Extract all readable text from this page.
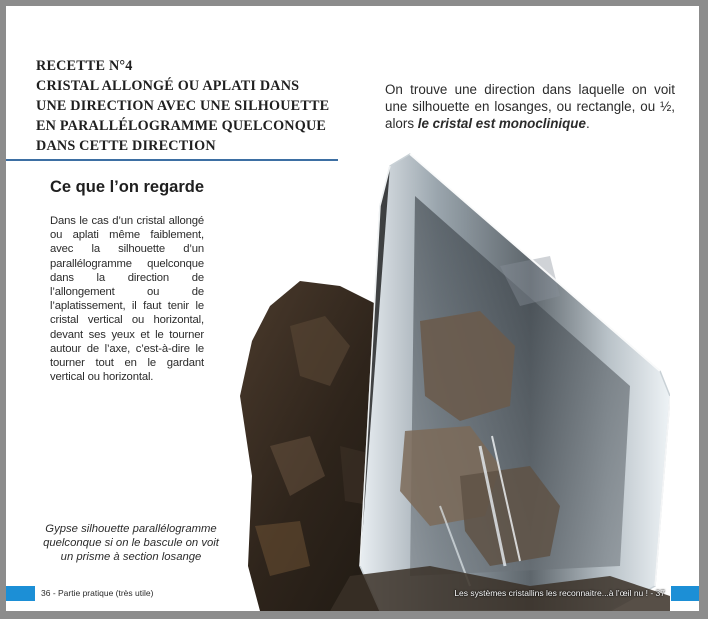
RECETTE N°4
CRISTAL ALLONGÉ OU APLATI DANS
UNE DIRECTION AVEC UNE SILHOUETTE
EN PARALLÉLOGRAMME QUELCONQUE
DANS CETTE DIRECTION
On trouve une direction dans laquelle on voit une silhouette en losanges, ou rectangle, ou ½, alors le cristal est monoclinique.
Ce que l’on regarde
Dans le cas d’un cristal allongé ou aplati même faiblement, avec la silhouette d’un parallélogramme quelconque dans la direction de l’allongement ou de l’aplatissement, il faut tenir le cristal vertical ou horizontal, devant ses yeux et le tourner autour de l’axe, c’est-à-dire le tourner tout en le gardant vertical ou horizontal.
Gypse silhouette parallélogramme quelconque si on le bascule on voit un prisme à section losange
36 - Partie pratique (très utile)	Les systèmes cristallins les reconnaitre...à l’œil nu ! - 37
